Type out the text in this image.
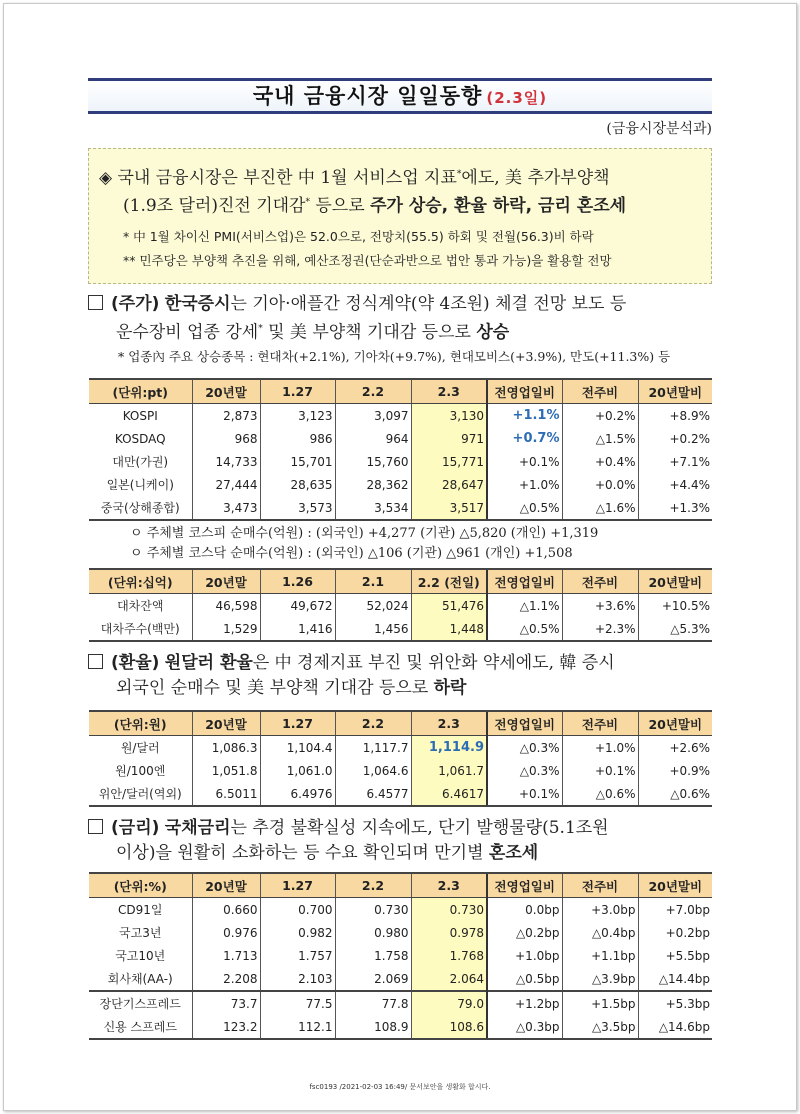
국내 금융시장 일일동향 (2.3일)
(금융시장분석과)
◈ 국내 금융시장은 부진한 中 1월 서비스업 지표*에도, 美 추가부양책
(1.9조 달러)진전 기대감* 등으로 주가 상승, 환율 하락, 금리 혼조세
* 中 1월 차이신 PMI(서비스업)은 52.0으로, 전망치(55.5) 하회 및 전월(56.3)비 하락
** 민주당은 부양책 추진을 위해, 예산조정권(단순과반으로 법안 통과 가능)을 활용할 전망
(주가) 한국증시는 기아·애플간 정식계약(약 4조원) 체결 전망 보도 등
운수장비 업종 강세* 및 美 부양책 기대감 등으로 상승
* 업종內 주요 상승종목 : 현대차(+2.1%), 기아차(+9.7%), 현대모비스(+3.9%), 만도(+11.3%) 등
(단위:pt)	20년말	1.27	2.2	2.3	전영업일비	전주비	20년말비
KOSPI	2,873	3,123	3,097	3,130	+1.1%	+0.2%	+8.9%
KOSDAQ	968	986	964	971	+0.7%	△1.5%	+0.2%
대만(가권)	14,733	15,701	15,760	15,771	+0.1%	+0.4%	+7.1%
일본(니케이)	27,444	28,635	28,362	28,647	+1.0%	+0.0%	+4.4%
중국(상해종합)	3,473	3,573	3,534	3,517	△0.5%	△1.6%	+1.3%
ㅇ 주체별 코스피 순매수(억원) : (외국인) +4,277 (기관) △5,820 (개인) +1,319
ㅇ 주체별 코스닥 순매수(억원) : (외국인) △106 (기관) △961 (개인) +1,508
(단위:십억)	20년말	1.26	2.1	2.2 (전일)	전영업일비	전주비	20년말비
대차잔액	46,598	49,672	52,024	51,476	△1.1%	+3.6%	+10.5%
대차주수(백만)	1,529	1,416	1,456	1,448	△0.5%	+2.3%	△5.3%
(환율) 원달러 환율은 中 경제지표 부진 및 위안화 약세에도, 韓 증시
외국인 순매수 및 美 부양책 기대감 등으로 하락
(단위:원)	20년말	1.27	2.2	2.3	전영업일비	전주비	20년말비
원/달러	1,086.3	1,104.4	1,117.7	1,114.9	△0.3%	+1.0%	+2.6%
원/100엔	1,051.8	1,061.0	1,064.6	1,061.7	△0.3%	+0.1%	+0.9%
위안/달러(역외)	6.5011	6.4976	6.4577	6.4617	+0.1%	△0.6%	△0.6%
(금리) 국채금리는 추경 불확실성 지속에도, 단기 발행물량(5.1조원
이상)을 원활히 소화하는 등 수요 확인되며 만기별 혼조세
(단위:%)	20년말	1.27	2.2	2.3	전영업일비	전주비	20년말비
CD91일	0.660	0.700	0.730	0.730	0.0bp	+3.0bp	+7.0bp
국고3년	0.976	0.982	0.980	0.978	△0.2bp	△0.4bp	+0.2bp
국고10년	1.713	1.757	1.758	1.768	+1.0bp	+1.1bp	+5.5bp
회사채(AA-)	2.208	2.103	2.069	2.064	△0.5bp	△3.9bp	△14.4bp
장단기스프레드	73.7	77.5	77.8	79.0	+1.2bp	+1.5bp	+5.3bp
신용 스프레드	123.2	112.1	108.9	108.6	△0.3bp	△3.5bp	△14.6bp
fsc0193 /2021-02-03 16:49/ 문서보안을 생활화 합시다.
